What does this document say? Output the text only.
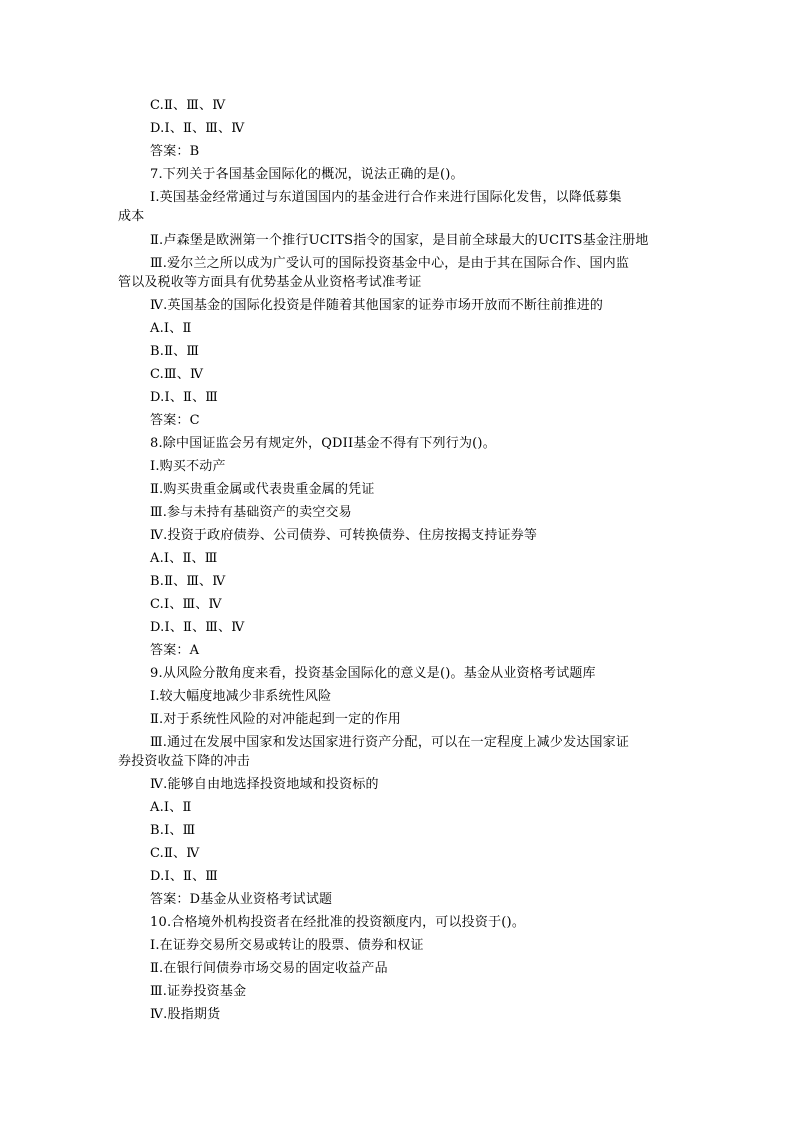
C.Ⅱ、Ⅲ、Ⅳ
D.Ⅰ、Ⅱ、Ⅲ、Ⅳ
答案：B
7.下列关于各国基金国际化的概况，说法正确的是()。
Ⅰ.英国基金经常通过与东道国国内的基金进行合作来进行国际化发售，以降低募集
成本
Ⅱ.卢森堡是欧洲第一个推行UCITS指令的国家，是目前全球最大的UCITS基金注册地
Ⅲ.爱尔兰之所以成为广受认可的国际投资基金中心，是由于其在国际合作、国内监
管以及税收等方面具有优势基金从业资格考试准考证
Ⅳ.英国基金的国际化投资是伴随着其他国家的证券市场开放而不断往前推进的
A.Ⅰ、Ⅱ
B.Ⅱ、Ⅲ
C.Ⅲ、Ⅳ
D.Ⅰ、Ⅱ、Ⅲ
答案：C
8.除中国证监会另有规定外，QDII基金不得有下列行为()。
Ⅰ.购买不动产
Ⅱ.购买贵重金属或代表贵重金属的凭证
Ⅲ.参与未持有基础资产的卖空交易
Ⅳ.投资于政府债券、公司债券、可转换债券、住房按揭支持证券等
A.Ⅰ、Ⅱ、Ⅲ
B.Ⅱ、Ⅲ、Ⅳ
C.Ⅰ、Ⅲ、Ⅳ
D.Ⅰ、Ⅱ、Ⅲ、Ⅳ
答案：A
9.从风险分散角度来看，投资基金国际化的意义是()。基金从业资格考试题库
Ⅰ.较大幅度地减少非系统性风险
Ⅱ.对于系统性风险的对冲能起到一定的作用
Ⅲ.通过在发展中国家和发达国家进行资产分配，可以在一定程度上减少发达国家证
券投资收益下降的冲击
Ⅳ.能够自由地选择投资地域和投资标的
A.Ⅰ、Ⅱ
B.Ⅰ、Ⅲ
C.Ⅱ、Ⅳ
D.Ⅰ、Ⅱ、Ⅲ
答案：D基金从业资格考试试题
10.合格境外机构投资者在经批准的投资额度内，可以投资于()。
Ⅰ.在证券交易所交易或转让的股票、债券和权证
Ⅱ.在银行间债券市场交易的固定收益产品
Ⅲ.证券投资基金
Ⅳ.股指期货
